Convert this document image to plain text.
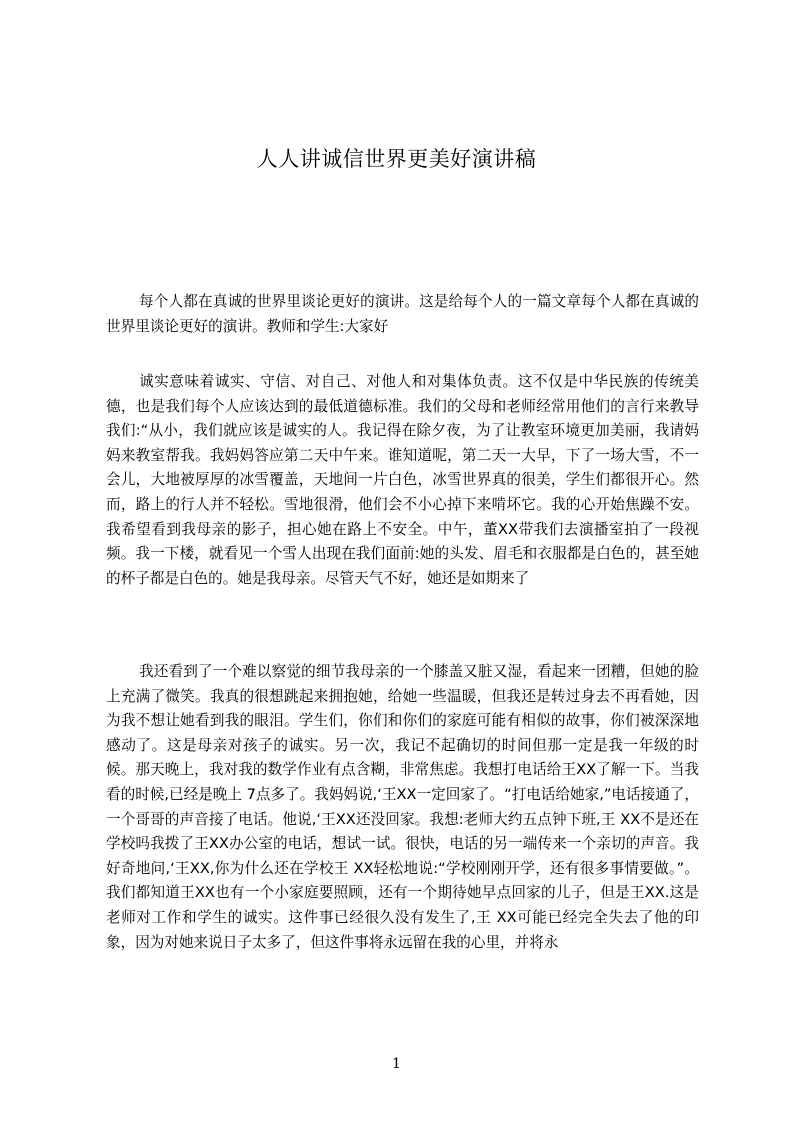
人人讲诚信世界更美好演讲稿

每个人都在真诚的世界里谈论更好的演讲。这是给每个人的一篇文章每个人都在真诚的世界里谈论更好的演讲。教师和学生:大家好

诚实意味着诚实、守信、对自己、对他人和对集体负责。这不仅是中华民族的传统美德，也是我们每个人应该达到的最低道德标准。我们的父母和老师经常用他们的言行来教导我们:“从小，我们就应该是诚实的人。我记得在除夕夜，为了让教室环境更加美丽，我请妈妈来教室帮我。我妈妈答应第二天中午来。谁知道呢，第二天一大早，下了一场大雪，不一会儿，大地被厚厚的冰雪覆盖，天地间一片白色，冰雪世界真的很美，学生们都很开心。然而，路上的行人并不轻松。雪地很滑，他们会不小心掉下来啃坏它。我的心开始焦躁不安。我希望看到我母亲的影子，担心她在路上不安全。中午，董XX带我们去演播室拍了一段视频。我一下楼，就看见一个雪人出现在我们面前:她的头发、眉毛和衣服都是白色的，甚至她的杯子都是白色的。她是我母亲。尽管天气不好，她还是如期来了

我还看到了一个难以察觉的细节我母亲的一个膝盖又脏又湿，看起来一团糟，但她的脸上充满了微笑。我真的很想跳起来拥抱她，给她一些温暖，但我还是转过身去不再看她，因为我不想让她看到我的眼泪。学生们，你们和你们的家庭可能有相似的故事，你们被深深地感动了。这是母亲对孩子的诚实。另一次，我记不起确切的时间但那一定是我一年级的时候。那天晚上，我对我的数学作业有点含糊，非常焦虑。我想打电话给王XX了解一下。当我看的时候,已经是晚上 7点多了。我妈妈说,‘王XX一定回家了。“打电话给她家,”电话接通了，一个哥哥的声音接了电话。他说,‘王XX还没回家。我想:老师大约五点钟下班,王 XX不是还在学校吗我拨了王XX办公室的电话，想试一试。很快，电话的另一端传来一个亲切的声音。我好奇地问,‘王XX,你为什么还在学校王 XX轻松地说:“学校刚刚开学，还有很多事情要做。”。我们都知道王XX也有一个小家庭要照顾，还有一个期待她早点回家的儿子，但是王XX.这是老师对工作和学生的诚实。这件事已经很久没有发生了,王 XX可能已经完全失去了他的印象，因为对她来说日子太多了，但这件事将永远留在我的心里，并将永

1
